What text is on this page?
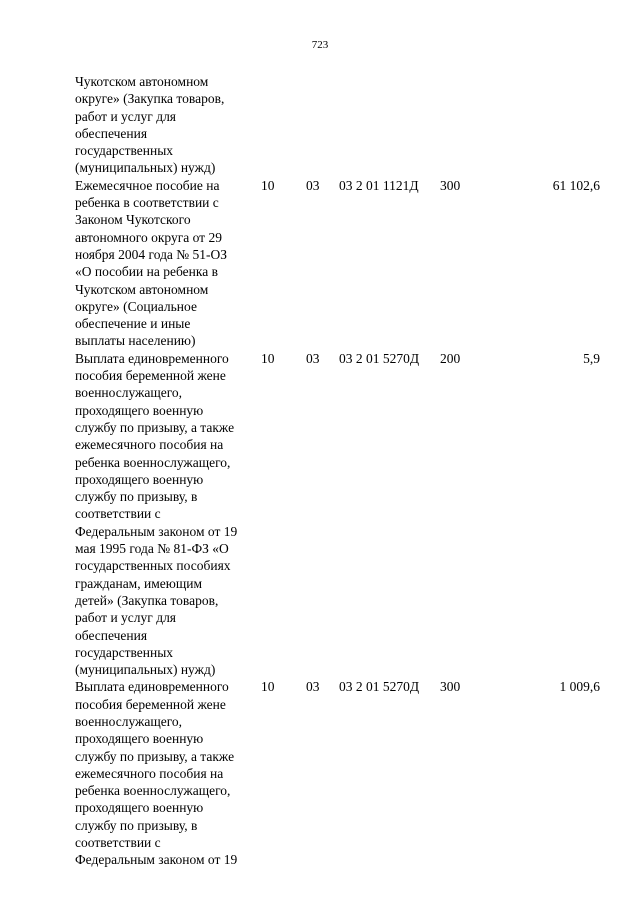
723
Чукотском автономном
округе» (Закупка товаров,
работ и услуг для
обеспечения
государственных
(муниципальных) нужд)
Ежемесячное пособие на
ребенка в соответствии с
Законом Чукотского
автономного округа от 29
ноября 2004 года № 51-ОЗ
«О пособии на ребенка в
Чукотском автономном
округе» (Социальное
обеспечение и иные
выплаты населению)
10	03	03 2 01 1121Д	300	61 102,6
Выплата единовременного
пособия беременной жене
военнослужащего,
проходящего военную
службу по призыву, а также
ежемесячного пособия на
ребенка военнослужащего,
проходящего военную
службу по призыву, в
соответствии с
Федеральным законом от 19
мая 1995 года № 81-ФЗ «О
государственных пособиях
гражданам, имеющим
детей» (Закупка товаров,
работ и услуг для
обеспечения
государственных
(муниципальных) нужд)
10	03	03 2 01 5270Д	200	5,9
Выплата единовременного
пособия беременной жене
военнослужащего,
проходящего военную
службу по призыву, а также
ежемесячного пособия на
ребенка военнослужащего,
проходящего военную
службу по призыву, в
соответствии с
Федеральным законом от 19
10	03	03 2 01 5270Д	300	1 009,6
